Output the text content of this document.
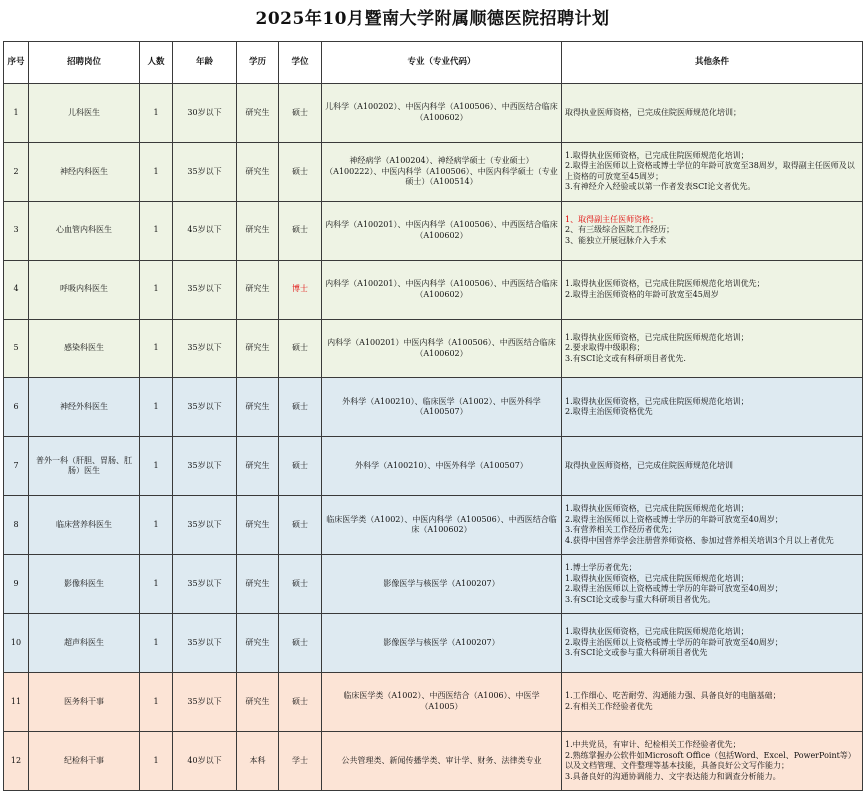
2025年10月暨南大学附属顺德医院招聘计划
序号	招聘岗位	人数	年龄	学历	学位	专业（专业代码）	其他条件
1	儿科医生	1	30岁以下	研究生	硕士	儿科学（A100202）、中医内科学（A100506）、中西医结合临床（A100602）	取得执业医师资格，已完成住院医师规范化培训；

2	神经内科医生	1	35岁以下	研究生	硕士	神经病学（A100204）、神经病学硕士（专业硕士）（A100222）、中医内科学（A100506）、中医内科学硕士（专业硕士）（A100514）	1.取得执业医师资格，已完成住院医师规范化培训；
2.取得主治医师以上资格或博士学位的年龄可放宽至38周岁，取得副主任医师及以上资格的可放宽至45周岁；
3.有神经介入经验或以第一作者发表SCI论文者优先。

3	心血管内科医生	1	45岁以下	研究生	硕士	内科学（A100201）、中医内科学（A100506）、中西医结合临床（A100602）	1、取得副主任医师资格；
2、有三级综合医院工作经历；
3、能独立开展冠脉介入手术

4	呼吸内科医生	1	35岁以下	研究生	博士	内科学（A100201）、中医内科学（A100506）、中西医结合临床（A100602）	1.取得执业医师资格，已完成住院医师规范化培训优先；
2.取得主治医师资格的年龄可放宽至45周岁

5	感染科医生	1	35岁以下	研究生	硕士	内科学（A100201）中医内科学（A100506）、中西医结合临床（A100602）	1.取得执业医师资格，已完成住院医师规范化培训；
2.要求取得中级职称；
3.有SCI论文或有科研项目者优先.

6	神经外科医生	1	35岁以下	研究生	硕士	外科学（A100210）、临床医学（A1002）、中医外科学（A100507）	1.取得执业医师资格，已完成住院医师规范化培训；
2.取得主治医师资格优先

7	普外一科（肝胆、胃肠、肛肠）医生	1	35岁以下	研究生	硕士	外科学（A100210）、中医外科学（A100507）	取得执业医师资格，已完成住院医师规范化培训

8	临床营养科医生	1	35岁以下	研究生	硕士	临床医学类（A1002）、中医内科学（A100506）、中西医结合临床（A100602）	1.取得执业医师资格，已完成住院医师规范化培训；
2.取得主治医师以上资格或博士学历的年龄可放宽至40周岁；
3.有营养相关工作经历者优先；
4.获得中国营养学会注册营养师资格、参加过营养相关培训3个月以上者优先

9	影像科医生	1	35岁以下	研究生	硕士	影像医学与核医学（A100207）	1.博士学历者优先；
1.取得执业医师资格，已完成住院医师规范化培训；
2.取得主治医师以上资格或博士学历的年龄可放宽至40周岁；
3.有SCI论文或参与重大科研项目者优先。

10	超声科医生	1	35岁以下	研究生	硕士	影像医学与核医学（A100207）	1.取得执业医师资格，已完成住院医师规范化培训；
2.取得主治医师以上资格或博士学历的年龄可放宽至40周岁；
3.有SCI论文或参与重大科研项目者优先

11	医务科干事	1	35岁以下	研究生	硕士	临床医学类（A1002）、中西医结合（A1006）、中医学（A1005）	1.工作细心、吃苦耐劳、沟通能力强、具备良好的电脑基础；
2.有相关工作经验者优先

12	纪检科干事	1	40岁以下	本科	学士	公共管理类、新闻传播学类、审计学、财务、法律类专业	1.中共党员，有审计、纪检相关工作经验者优先；
2.熟练掌握办公软件如Microsoft Office（包括Word、Excel、PowerPoint等）以及文档管理、文件整理等基本技能，具备良好公文写作能力；
3.具备良好的沟通协调能力、文字表达能力和调查分析能力。
